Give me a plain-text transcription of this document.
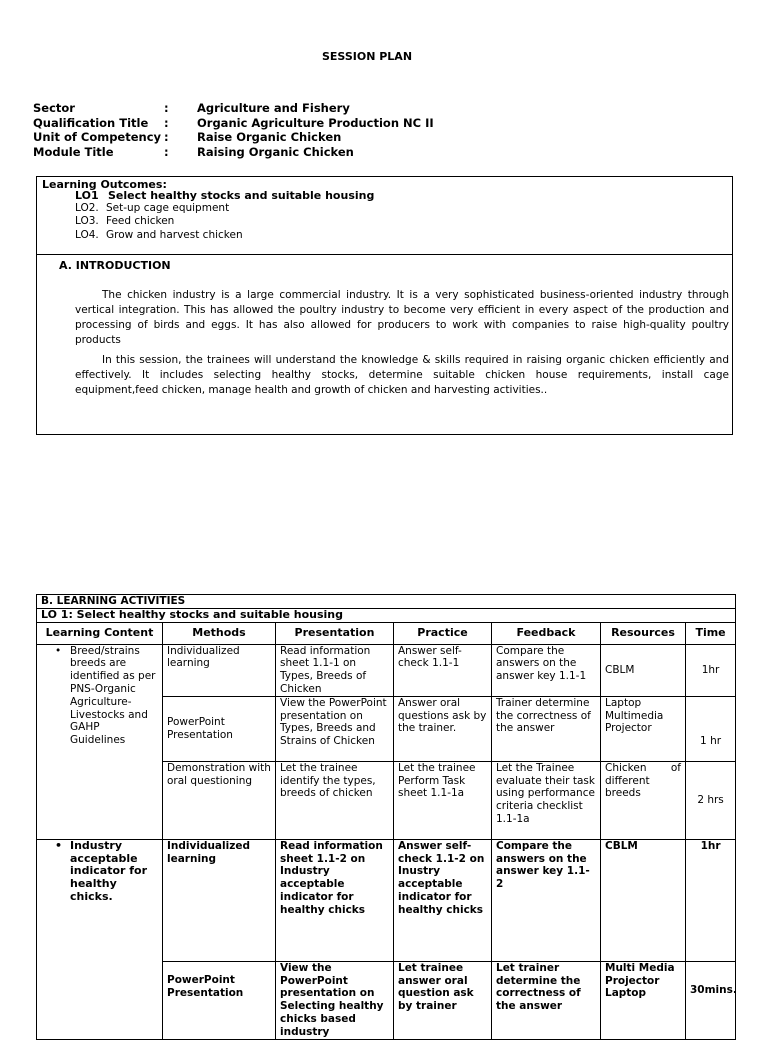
SESSION PLAN
Sector	:	Agriculture and Fishery
Qualification Title	:	Organic Agriculture Production NC II
Unit of Competency :	Raise Organic Chicken
Module Title	:	Raising Organic Chicken
Learning Outcomes:
LO1 Select healthy stocks and suitable housing
LO2. Set-up cage equipment
LO3. Feed chicken
LO4. Grow and harvest chicken
A. INTRODUCTION

The chicken industry is a large commercial industry. It is a very sophisticated business-oriented industry through vertical integration. This has allowed the poultry industry to become very efficient in every aspect of the production and processing of birds and eggs. It has also allowed for producers to work with companies to raise high-quality poultry products

In this session, the trainees will understand the knowledge & skills required in raising organic chicken efficiently and effectively. It includes selecting healthy stocks, determine suitable chicken house requirements, install cage equipment,feed chicken, manage health and growth of chicken and harvesting activities..

B. LEARNING ACTIVITIES						
LO 1: Select healthy stocks and suitable housing						
Learning Content	Methods	Presentation	Practice	Feedback	Resources	Time

• Breed/strains breeds are identified as per PNS-Organic Agriculture-Livestocks and GAHP Guidelines	Individualized learning	Read information sheet 1.1-1 on Types, Breeds of Chicken	Answer self-check 1.1-1	Compare the answers on the answer key 1.1-1	CBLM	1hr
	PowerPoint Presentation	View the PowerPoint presentation on Types, Breeds and Strains of Chicken	Answer oral questions ask by the trainer.	Trainer determine the correctness of the answer	Laptop Multimedia Projector	1 hr
	Demonstration with oral questioning	Let the trainee identify the types, breeds of chicken	Let the trainee Perform Task sheet 1.1-1a	Let the Trainee evaluate their task using performance criteria checklist 1.1-1a	Chicken of different breeds	2 hrs

• Industry acceptable indicator for healthy chicks.	Individualized learning	Read information sheet 1.1-2 on Industry acceptable indicator for healthy chicks	Answer self-check 1.1-2 on Inustry acceptable indicator for healthy chicks	Compare the answers on the answer key 1.1-2	CBLM	1hr
	PowerPoint Presentation	View the PowerPoint presentation on Selecting healthy chicks based industry	Let trainee answer oral question ask by trainer	Let trainer determine the correctness of the answer	Multi Media Projector Laptop	30mins.
